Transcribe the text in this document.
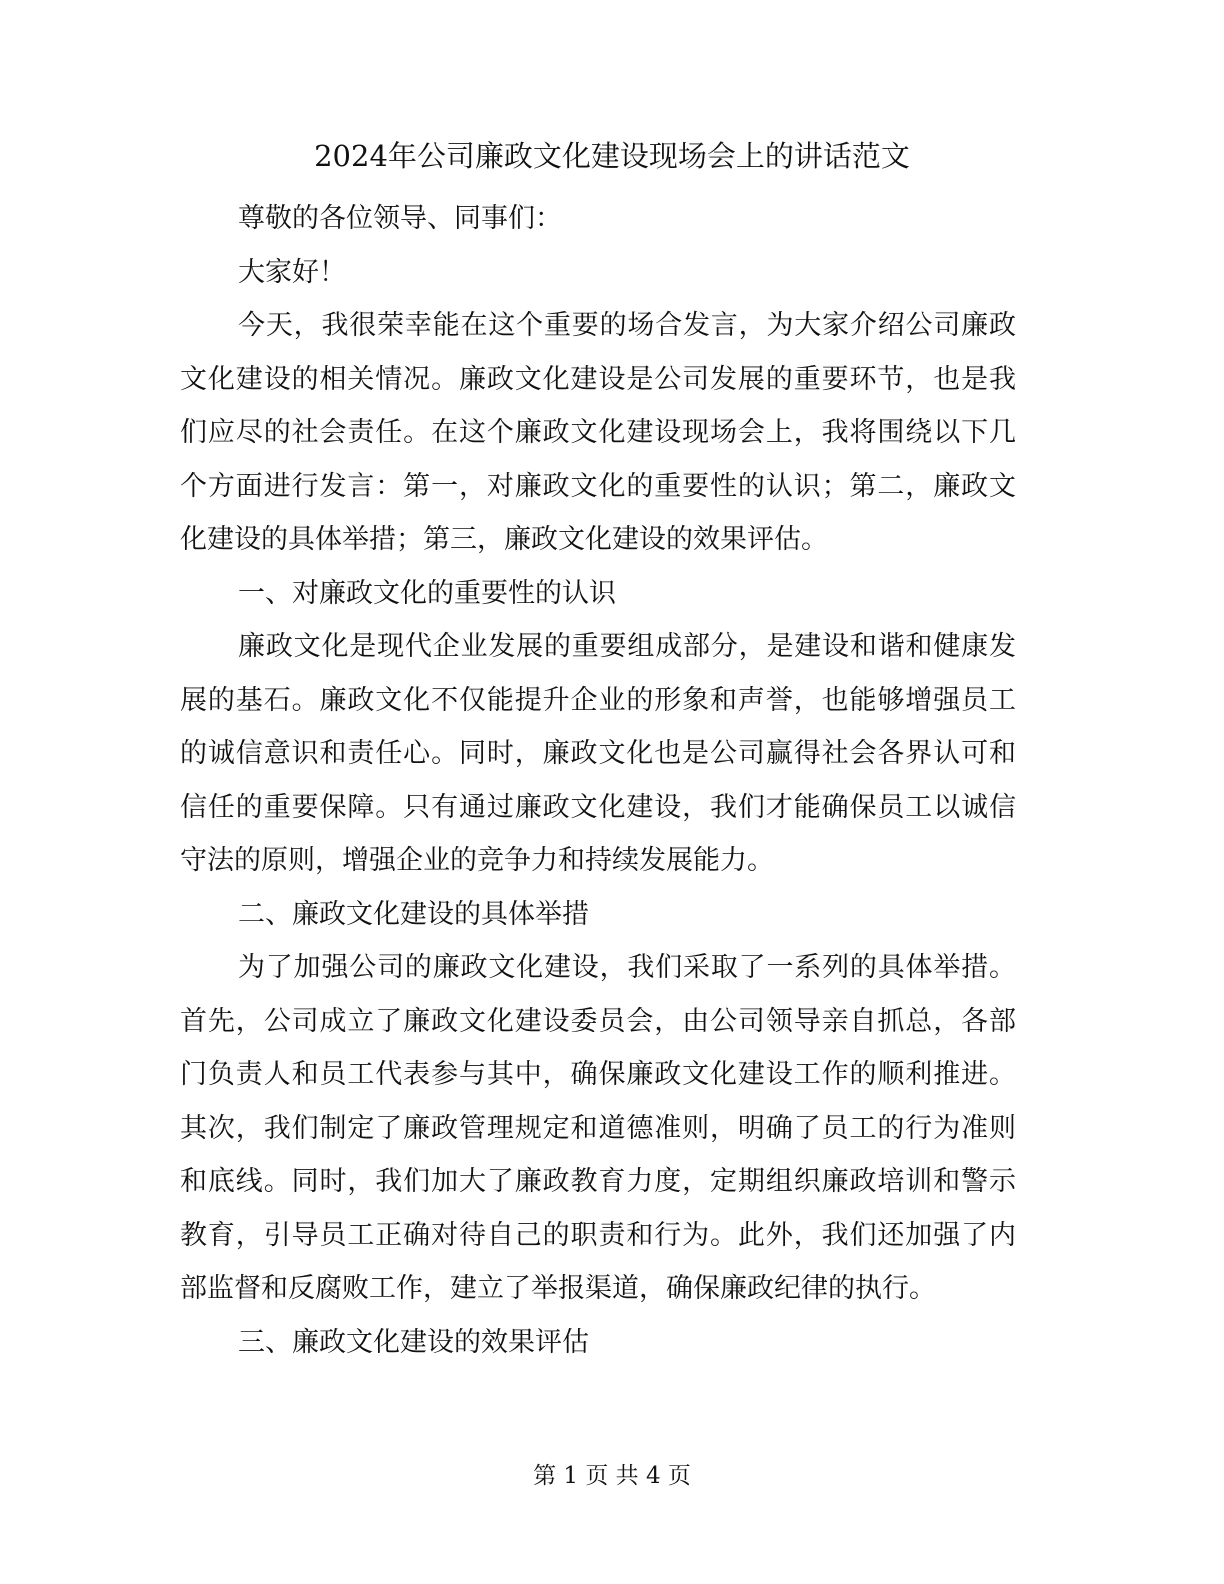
2024年公司廉政文化建设现场会上的讲话范文

尊敬的各位领导、同事们：

大家好！

今天，我很荣幸能在这个重要的场合发言，为大家介绍公司廉政文化建设的相关情况。廉政文化建设是公司发展的重要环节，也是我们应尽的社会责任。在这个廉政文化建设现场会上，我将围绕以下几个方面进行发言：第一，对廉政文化的重要性的认识；第二，廉政文化建设的具体举措；第三，廉政文化建设的效果评估。

一、对廉政文化的重要性的认识

廉政文化是现代企业发展的重要组成部分，是建设和谐和健康发展的基石。廉政文化不仅能提升企业的形象和声誉，也能够增强员工的诚信意识和责任心。同时，廉政文化也是公司赢得社会各界认可和信任的重要保障。只有通过廉政文化建设，我们才能确保员工以诚信守法的原则，增强企业的竞争力和持续发展能力。

二、廉政文化建设的具体举措

为了加强公司的廉政文化建设，我们采取了一系列的具体举措。首先，公司成立了廉政文化建设委员会，由公司领导亲自抓总，各部门负责人和员工代表参与其中，确保廉政文化建设工作的顺利推进。其次，我们制定了廉政管理规定和道德准则，明确了员工的行为准则和底线。同时，我们加大了廉政教育力度，定期组织廉政培训和警示教育，引导员工正确对待自己的职责和行为。此外，我们还加强了内部监督和反腐败工作，建立了举报渠道，确保廉政纪律的执行。

三、廉政文化建设的效果评估

第 1 页 共 4 页
